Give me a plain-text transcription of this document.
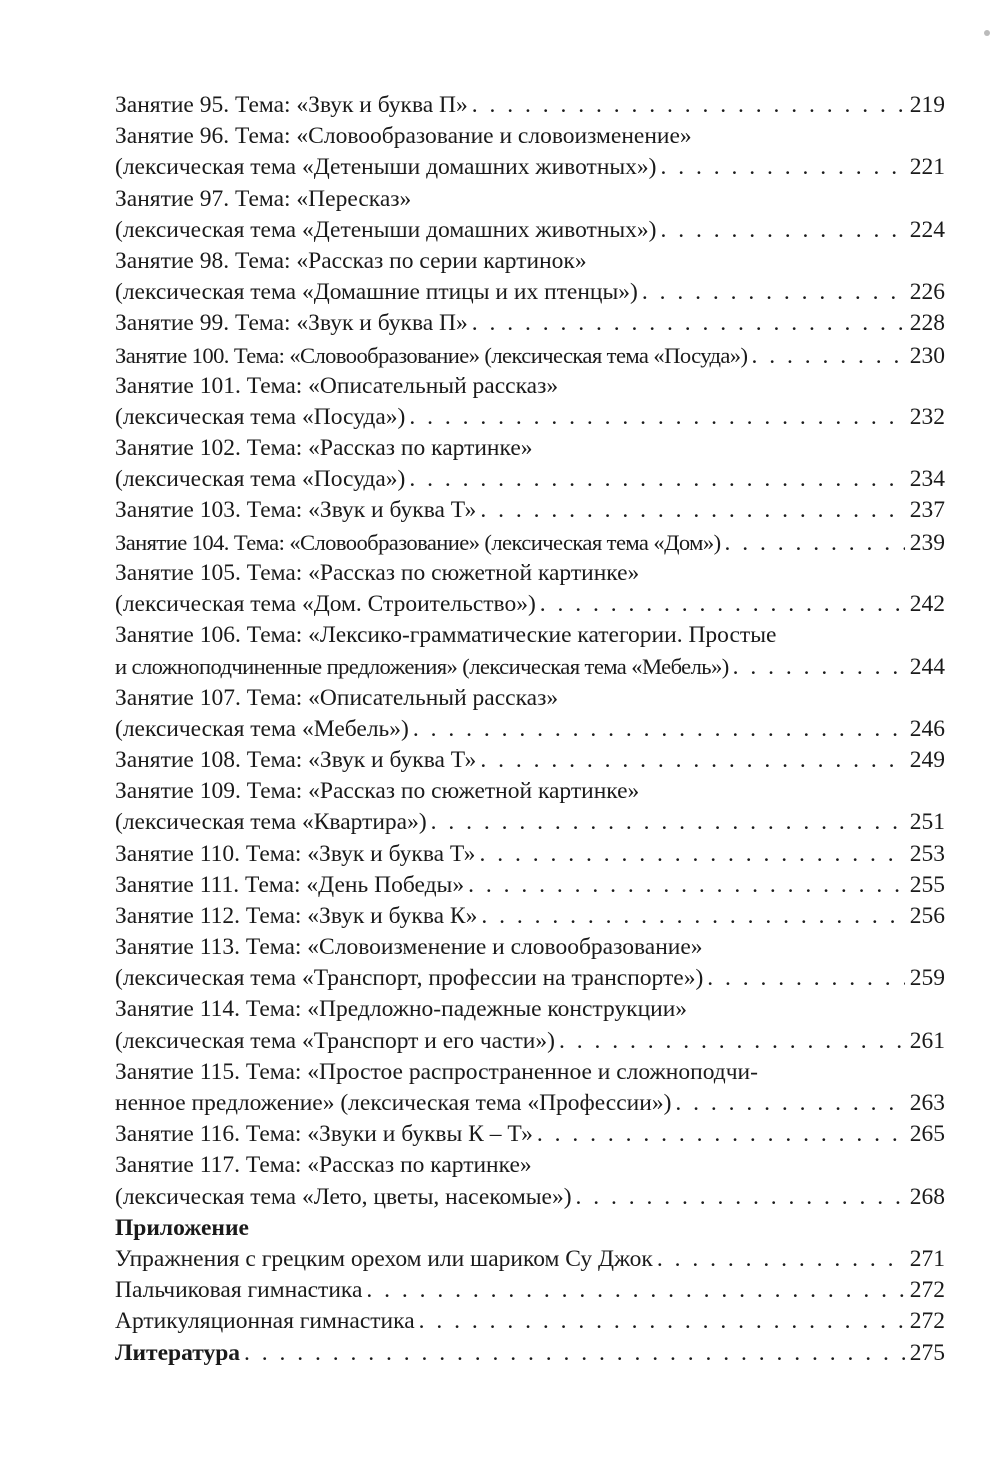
Занятие 95. Тема: «Звук и буква П» . . .	219
Занятие 96. Тема: «Словообразование и словоизменение»
(лексическая тема «Детеныши домашних животных») . . .	221
Занятие 97. Тема: «Пересказ»
(лексическая тема «Детеныши домашних животных») . . .	224
Занятие 98. Тема: «Рассказ по серии картинок»
(лексическая тема «Домашние птицы и их птенцы») . . .	226
Занятие 99. Тема: «Звук и буква П» . . .	228
Занятие 100. Тема: «Словообразование» (лексическая тема «Посуда») . . .	230
Занятие 101. Тема: «Описательный рассказ»
(лексическая тема «Посуда») . . .	232
Занятие 102. Тема: «Рассказ по картинке»
(лексическая тема «Посуда») . . .	234
Занятие 103. Тема: «Звук и буква Т» . . .	237
Занятие 104. Тема: «Словообразование» (лексическая тема «Дом») . . .	239
Занятие 105. Тема: «Рассказ по сюжетной картинке»
(лексическая тема «Дом. Строительство») . . .	242
Занятие 106. Тема: «Лексико-грамматические категории. Простые
и сложноподчиненные предложения» (лексическая тема «Мебель») . . .	244
Занятие 107. Тема: «Описательный рассказ»
(лексическая тема «Мебель») . . .	246
Занятие 108. Тема: «Звук и буква Т» . . .	249
Занятие 109. Тема: «Рассказ по сюжетной картинке»
(лексическая тема «Квартира») . . .	251
Занятие 110. Тема: «Звук и буква Т» . . .	253
Занятие 111. Тема: «День Победы» . . .	255
Занятие 112. Тема: «Звук и буква К» . . .	256
Занятие 113. Тема: «Словоизменение и словообразование»
(лексическая тема «Транспорт, профессии на транспорте») . . .	259
Занятие 114. Тема: «Предложно-падежные конструкции»
(лексическая тема «Транспорт и его части») . . .	261
Занятие 115. Тема: «Простое распространенное и сложноподчи-
ненное предложение» (лексическая тема «Профессии») . . .	263
Занятие 116. Тема: «Звуки и буквы К – Т» . . .	265
Занятие 117. Тема: «Рассказ по картинке»
(лексическая тема «Лето, цветы, насекомые») . . .	268
Приложение
Упражнения с грецким орехом или шариком Су Джок . . .	271
Пальчиковая гимнастика . . .	272
Артикуляционная гимнастика . . .	272
Литература . . .	275
